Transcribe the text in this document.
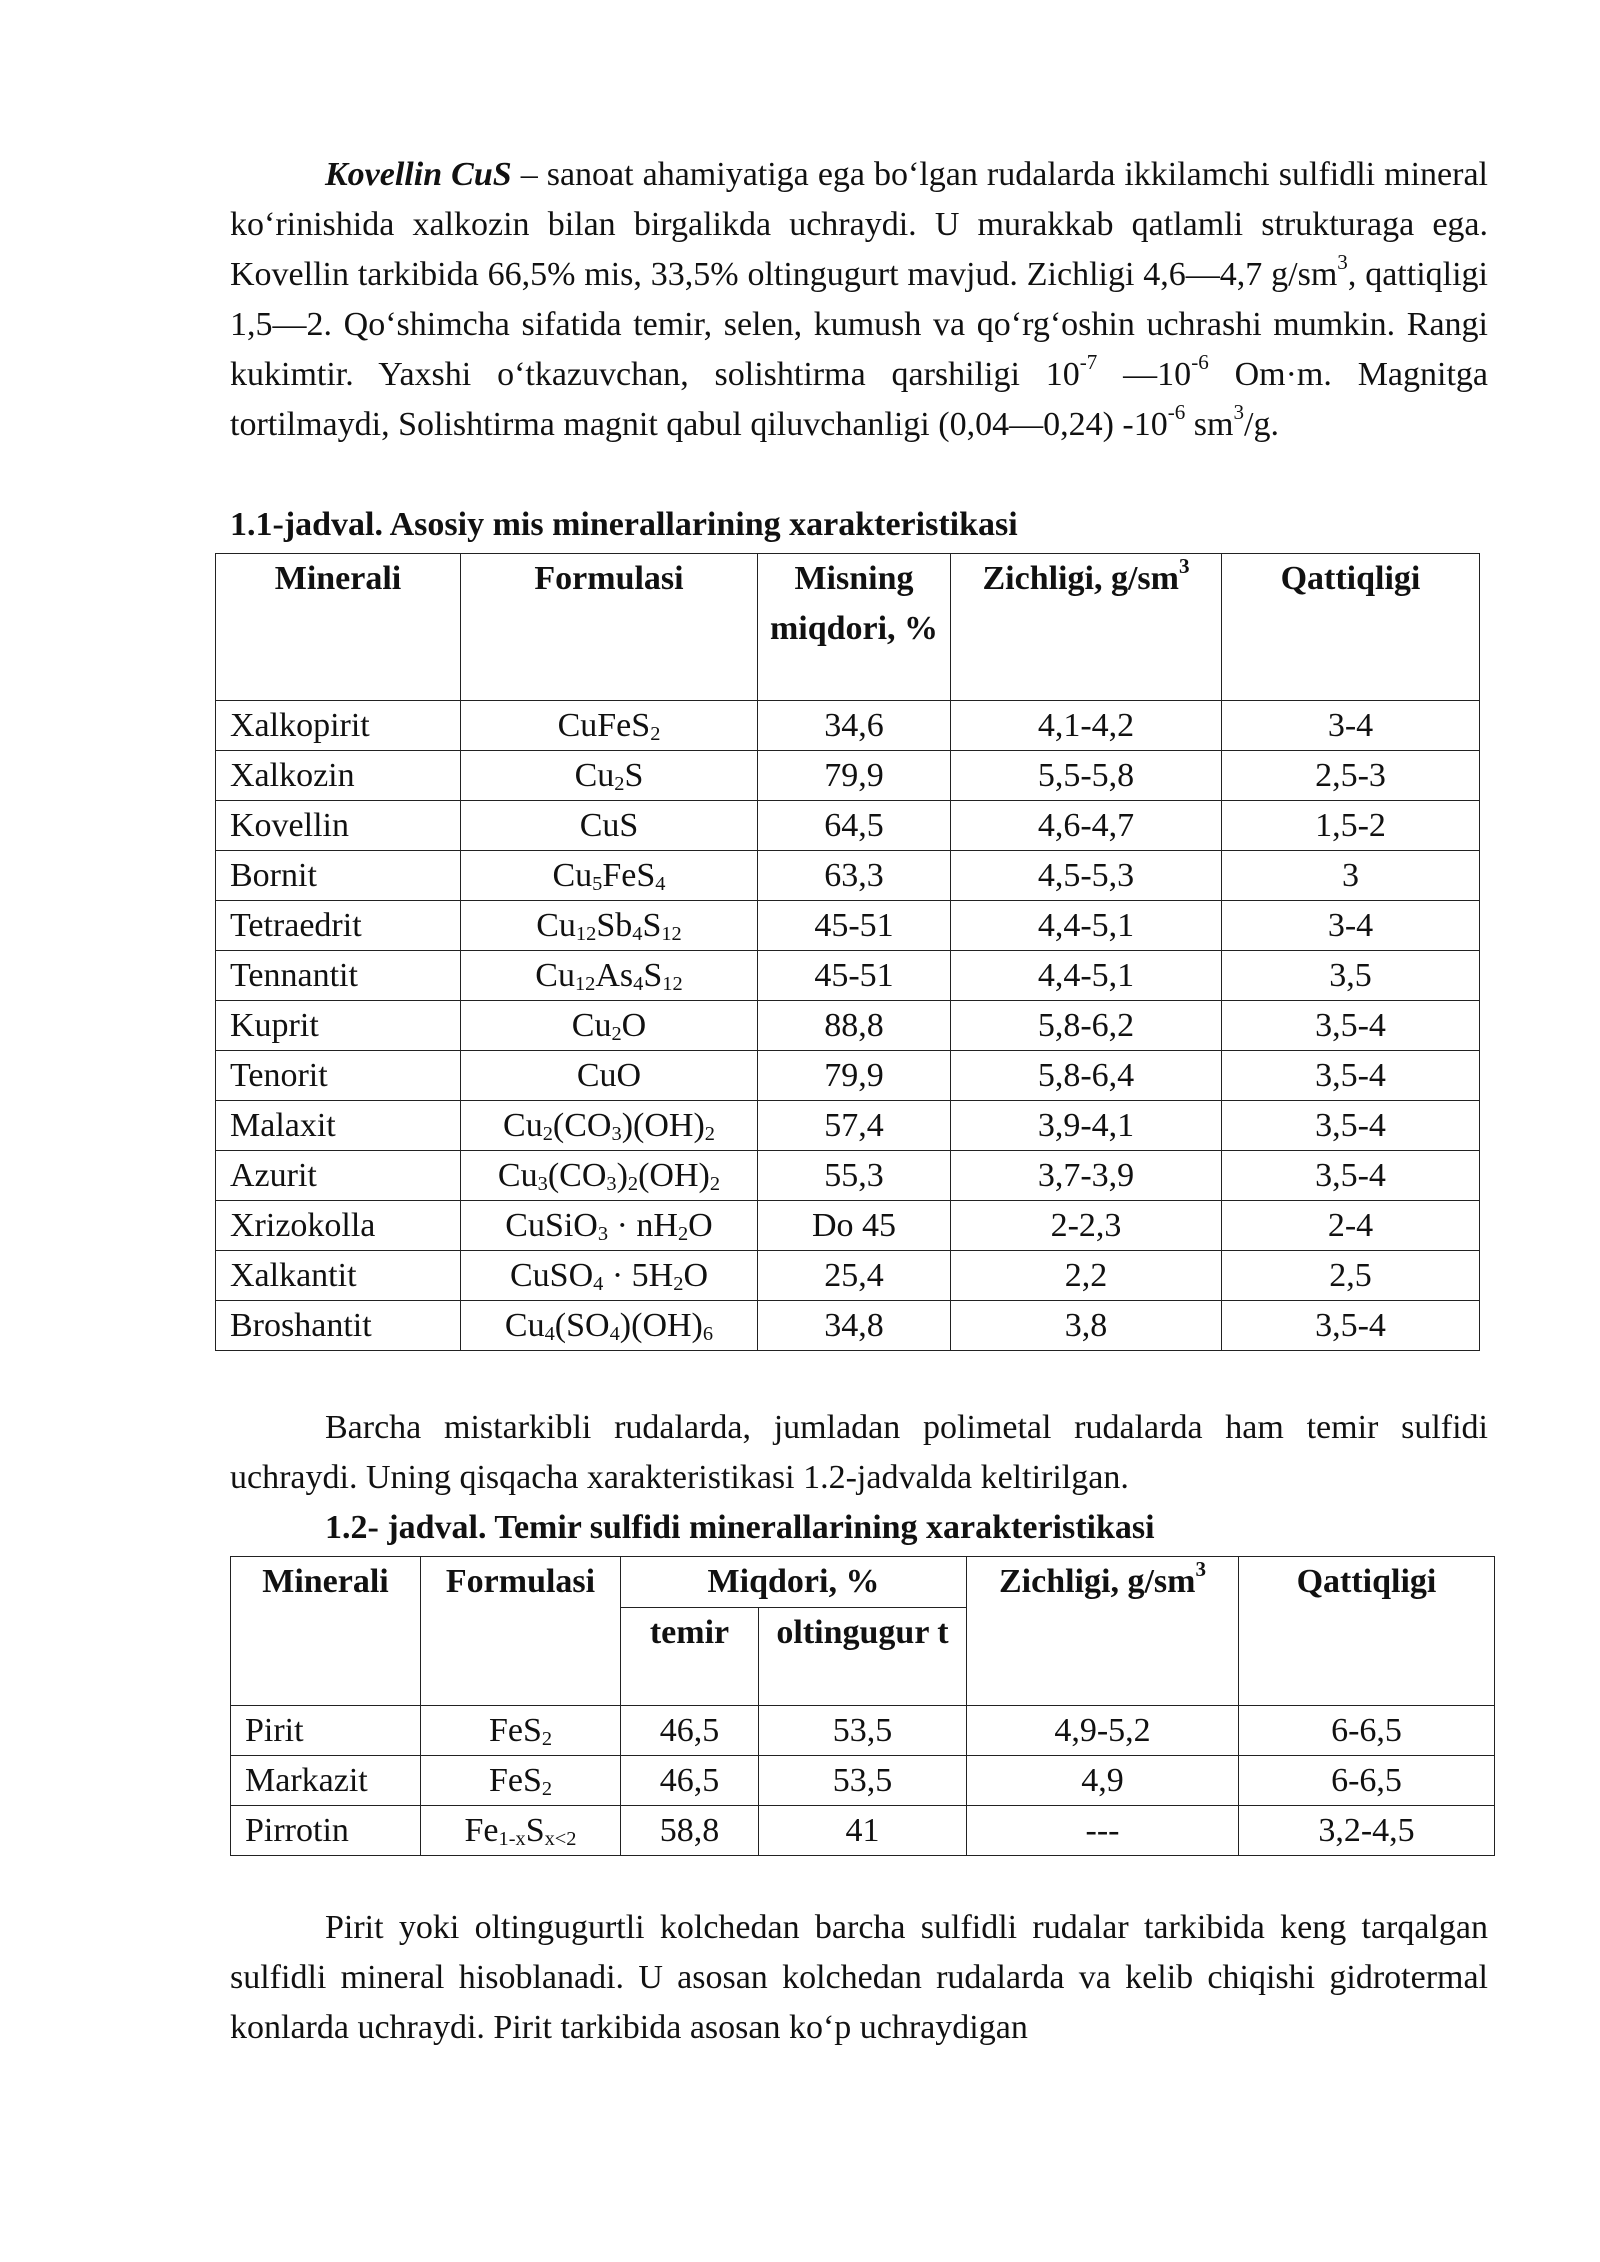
Kovellin CuS – sanoat ahamiyatiga ega bo‘lgan rudalarda ikkilamchi sulfidli mineral ko‘rinishida xalkozin bilan birgalikda uchraydi. U murakkab qatlamli strukturaga ega. Kovellin tarkibida 66,5% mis, 33,5% oltingugurt mavjud. Zichligi 4,6—4,7 $g/sm^3$, qattiqligi 1,5—2. Qo‘shimcha sifatida temir, selen, kumush va qo‘rg‘oshin uchrashi mumkin. Rangi kukimtir. Yaxshi o‘tkazuvchan, solishtirma qarshiligi $10^{-7}$ $—10^{-6}$ Om·m. Magnitga tortilmaydi, Solishtirma magnit qabul qiluvchanligi (0,04—0,24) $-10^{-6}$ $sm^3/g$.

1.1-jadval. Asosiy mis minerallarining xarakteristikasi

Minerali	Formulasi	Misning miqdori, %	Zichligi, $g/sm^3$	Qattiqligi
Xalkopirit	CuFeS$_2$	34,6	4,1-4,2	3-4
Xalkozin	$Cu_2S$	79,9	5,5-5,8	2,5-3
Kovellin	CuS	64,5	4,6-4,7	1,5-2
Bornit	$Cu_5FeS_4$	63,3	4,5-5,3	3
Tetraedrit	$Cu_{12}Sb_4S_{12}$	45-51	4,4-5,1	3-4
Tennantit	$Cu_{12}As_4S_{12}$	45-51	4,4-5,1	3,5
Kuprit	$Cu_2O$	88,8	5,8-6,2	3,5-4
Tenorit	CuO	79,9	5,8-6,4	3,5-4
Malaxit	$Cu_2(CO_3)(OH)_2$	57,4	3,9-4,1	3,5-4
Azurit	$Cu_3(CO_3)_2(OH)_2$	55,3	3,7-3,9	3,5-4
Xrizokolla	CuSiO$_3$ · $nH_2O$	Do 45	2-2,3	2-4
Xalkantit	CuSO$_4$ · $5H_2O$	25,4	2,2	2,5
Broshantit	$Cu_4(SO_4)(OH)_6$	34,8	3,8	3,5-4

Barcha mistarkibli rudalarda, jumladan polimetal rudalarda ham temir sulfidi uchraydi. Uning qisqacha xarakteristikasi 1.2-jadvalda keltirilgan.

1.2- jadval. Temir sulfidi minerallarining xarakteristikasi

Minerali	Formulasi	Miqdori, %		Zichligi, $g/sm^3$	Qattiqligi
		temir	oltingugur t		
Pirit	FeS$_2$	46,5	53,5	4,9-5,2	6-6,5
Markazit	FeS$_2$	46,5	53,5	4,9	6-6,5
Pirrotin	$Fe_{1-x}S_{x<2}$	58,8	41	---	3,2-4,5

Pirit yoki oltingugurtli kolchedan barcha sulfidli rudalar tarkibida keng tarqalgan sulfidli mineral hisoblanadi. U asosan kolchedan rudalarda va kelib chiqishi gidrotermal konlarda uchraydi. Pirit tarkibida asosan ko‘p uchraydigan
